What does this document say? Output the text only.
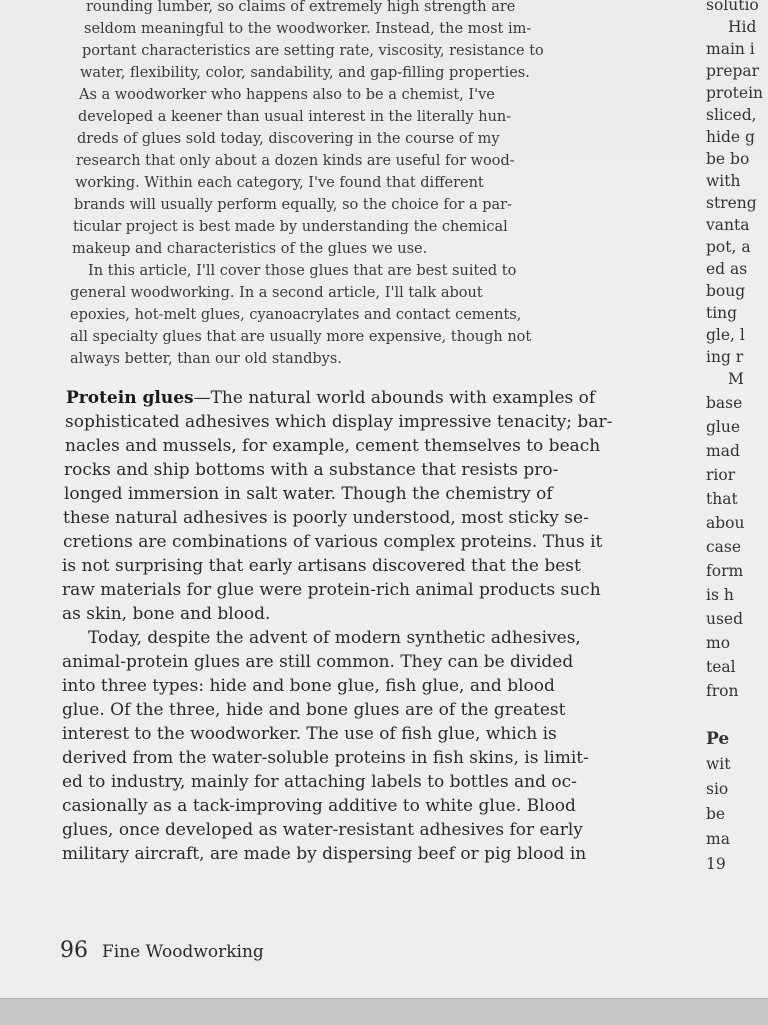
rounding lumber, so claims of extremely high strength are
seldom meaningful to the woodworker. Instead, the most im-
portant characteristics are setting rate, viscosity, resistance to
water, flexibility, color, sandability, and gap-filling properties.
As a woodworker who happens also to be a chemist, I've
developed a keener than usual interest in the literally hun-
dreds of glues sold today, discovering in the course of my
research that only about a dozen kinds are useful for wood-
working. Within each category, I've found that different
brands will usually perform equally, so the choice for a par-
ticular project is best made by understanding the chemical
makeup and characteristics of the glues we use.
In this article, I'll cover those glues that are best suited to
general woodworking. In a second article, I'll talk about
epoxies, hot-melt glues, cyanoacrylates and contact cements,
all specialty glues that are usually more expensive, though not
always better, than our old standbys.
Protein glues—The natural world abounds with examples of
sophisticated adhesives which display impressive tenacity; bar-
nacles and mussels, for example, cement themselves to beach
rocks and ship bottoms with a substance that resists pro-
longed immersion in salt water. Though the chemistry of
these natural adhesives is poorly understood, most sticky se-
cretions are combinations of various complex proteins. Thus it
is not surprising that early artisans discovered that the best
raw materials for glue were protein-rich animal products such
as skin, bone and blood.
Today, despite the advent of modern synthetic adhesives,
animal-protein glues are still common. They can be divided
into three types: hide and bone glue, fish glue, and blood
glue. Of the three, hide and bone glues are of the greatest
interest to the woodworker. The use of fish glue, which is
derived from the water-soluble proteins in fish skins, is limit-
ed to industry, mainly for attaching labels to bottles and oc-
casionally as a tack-improving additive to white glue. Blood
glues, once developed as water-resistant adhesives for early
military aircraft, are made by dispersing beef or pig blood in
solutio
Hid
main i
prepar
protein
sliced,
hide g
be bo
with
streng
vanta
pot, a
ed as
boug
ting
gle, l
ing r
M
base
glue
mad
rior
that
abou
case
form
is h
used
mo
teal
fron
Pe
wit
sio
be
ma
19
96 Fine Woodworking
